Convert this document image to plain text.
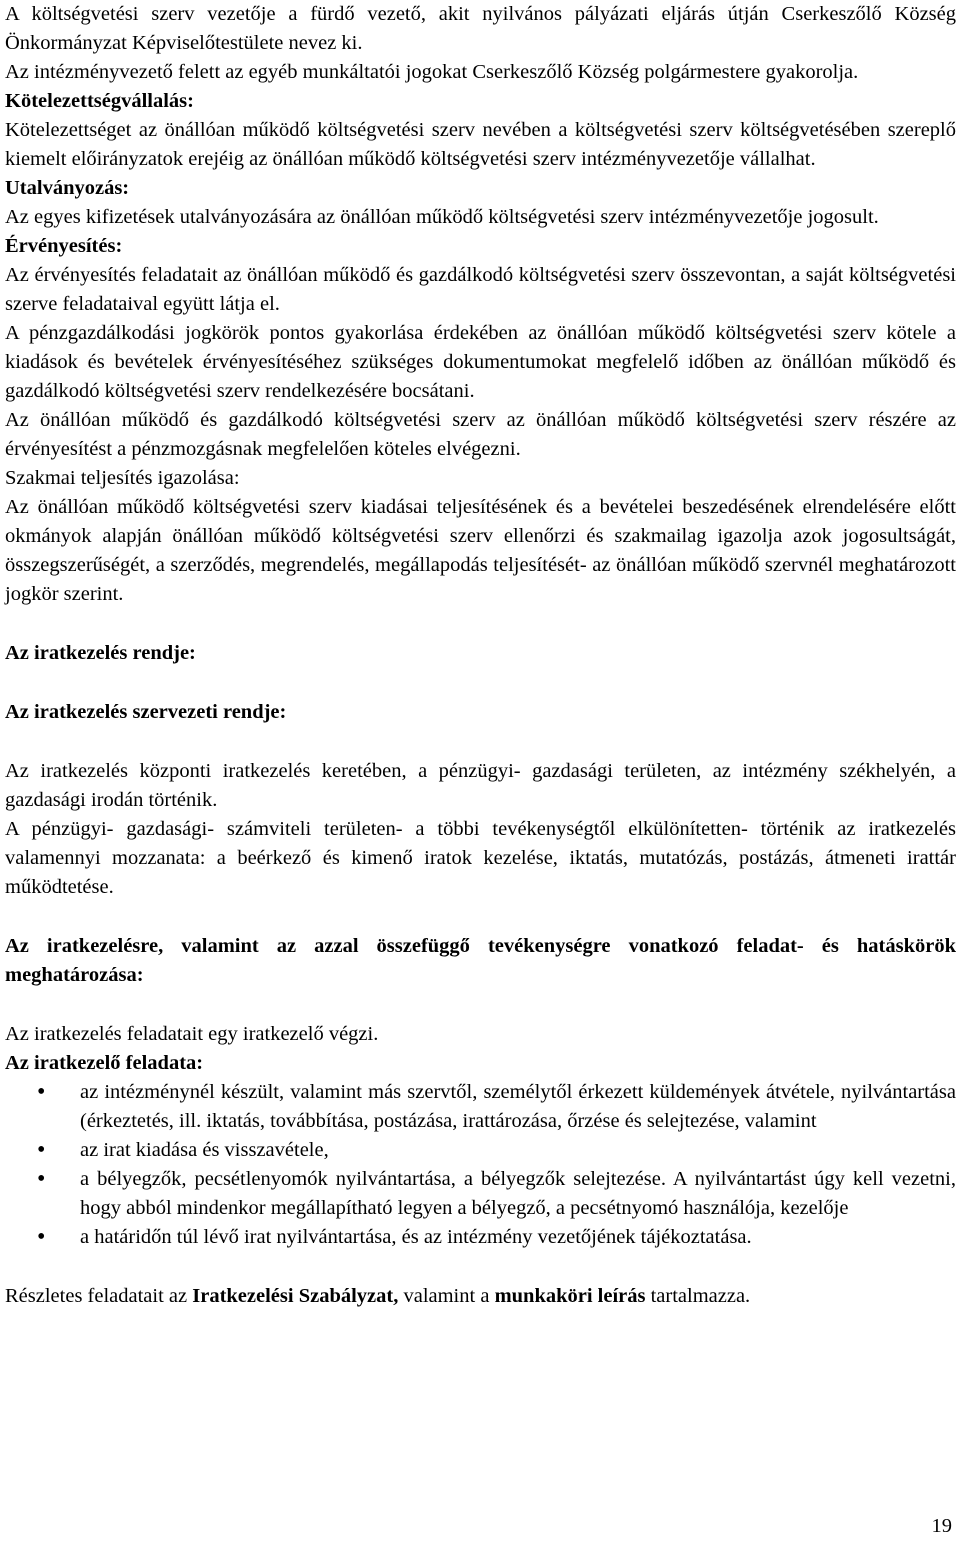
A költségvetési szerv vezetője a fürdő vezető, akit nyilvános pályázati eljárás útján Cserkeszőlő Község Önkormányzat Képviselőtestülete nevez ki.

Az intézményvezető felett az egyéb munkáltatói jogokat Cserkeszőlő Község polgármestere gyakorolja.

Kötelezettségvállalás:

Kötelezettséget az önállóan működő költségvetési szerv nevében a költségvetési szerv költségvetésében szereplő kiemelt előirányzatok erejéig az önállóan működő költségvetési szerv intézményvezetője vállalhat.

Utalványozás:

Az egyes kifizetések utalványozására az önállóan működő költségvetési szerv intézményvezetője jogosult.

Érvényesítés:

Az érvényesítés feladatait az önállóan működő és gazdálkodó költségvetési szerv összevontan, a saját költségvetési szerve feladataival együtt látja el.

A pénzgazdálkodási jogkörök pontos gyakorlása érdekében az önállóan működő költségvetési szerv kötele a kiadások és bevételek érvényesítéséhez szükséges dokumentumokat megfelelő időben az önállóan működő és gazdálkodó költségvetési szerv rendelkezésére bocsátani.

Az önállóan működő és gazdálkodó költségvetési szerv az önállóan működő költségvetési szerv részére az érvényesítést a pénzmozgásnak megfelelően köteles elvégezni.

Szakmai teljesítés igazolása:

Az önállóan működő költségvetési szerv kiadásai teljesítésének és a bevételei beszedésének elrendelésére előtt okmányok alapján önállóan működő költségvetési szerv ellenőrzi és szakmailag igazolja azok jogosultságát, összegszerűségét, a szerződés, megrendelés, megállapodás teljesítését- az önállóan működő szervnél meghatározott jogkör szerint.

Az iratkezelés rendje:

Az iratkezelés szervezeti rendje:

Az iratkezelés központi iratkezelés keretében, a pénzügyi- gazdasági területen, az intézmény székhelyén, a gazdasági irodán történik.

A pénzügyi- gazdasági- számviteli területen- a többi tevékenységtől elkülönítetten- történik az iratkezelés valamennyi mozzanata: a beérkező és kimenő iratok kezelése, iktatás, mutatózás, postázás, átmeneti irattár működtetése.

Az iratkezelésre, valamint az azzal összefüggő tevékenységre vonatkozó feladat- és hatáskörök meghatározása:

Az iratkezelés feladatait egy iratkezelő végzi.

Az iratkezelő feladata:

• az intézménynél készült, valamint más szervtől, személytől érkezett küldemények átvétele, nyilvántartása (érkeztetés, ill. iktatás, továbbítása, postázása, irattározása, őrzése és selejtezése, valamint
• az irat kiadása és visszavétele,
• a bélyegzők, pecsétlenyomók nyilvántartása, a bélyegzők selejtezése. A nyilvántartást úgy kell vezetni, hogy abból mindenkor megállapítható legyen a bélyegző, a pecsétnyomó használója, kezelője
• a határidőn túl lévő irat nyilvántartása, és az intézmény vezetőjének tájékoztatása.

Részletes feladatait az Iratkezelési Szabályzat, valamint a munkaköri leírás tartalmazza.

19
